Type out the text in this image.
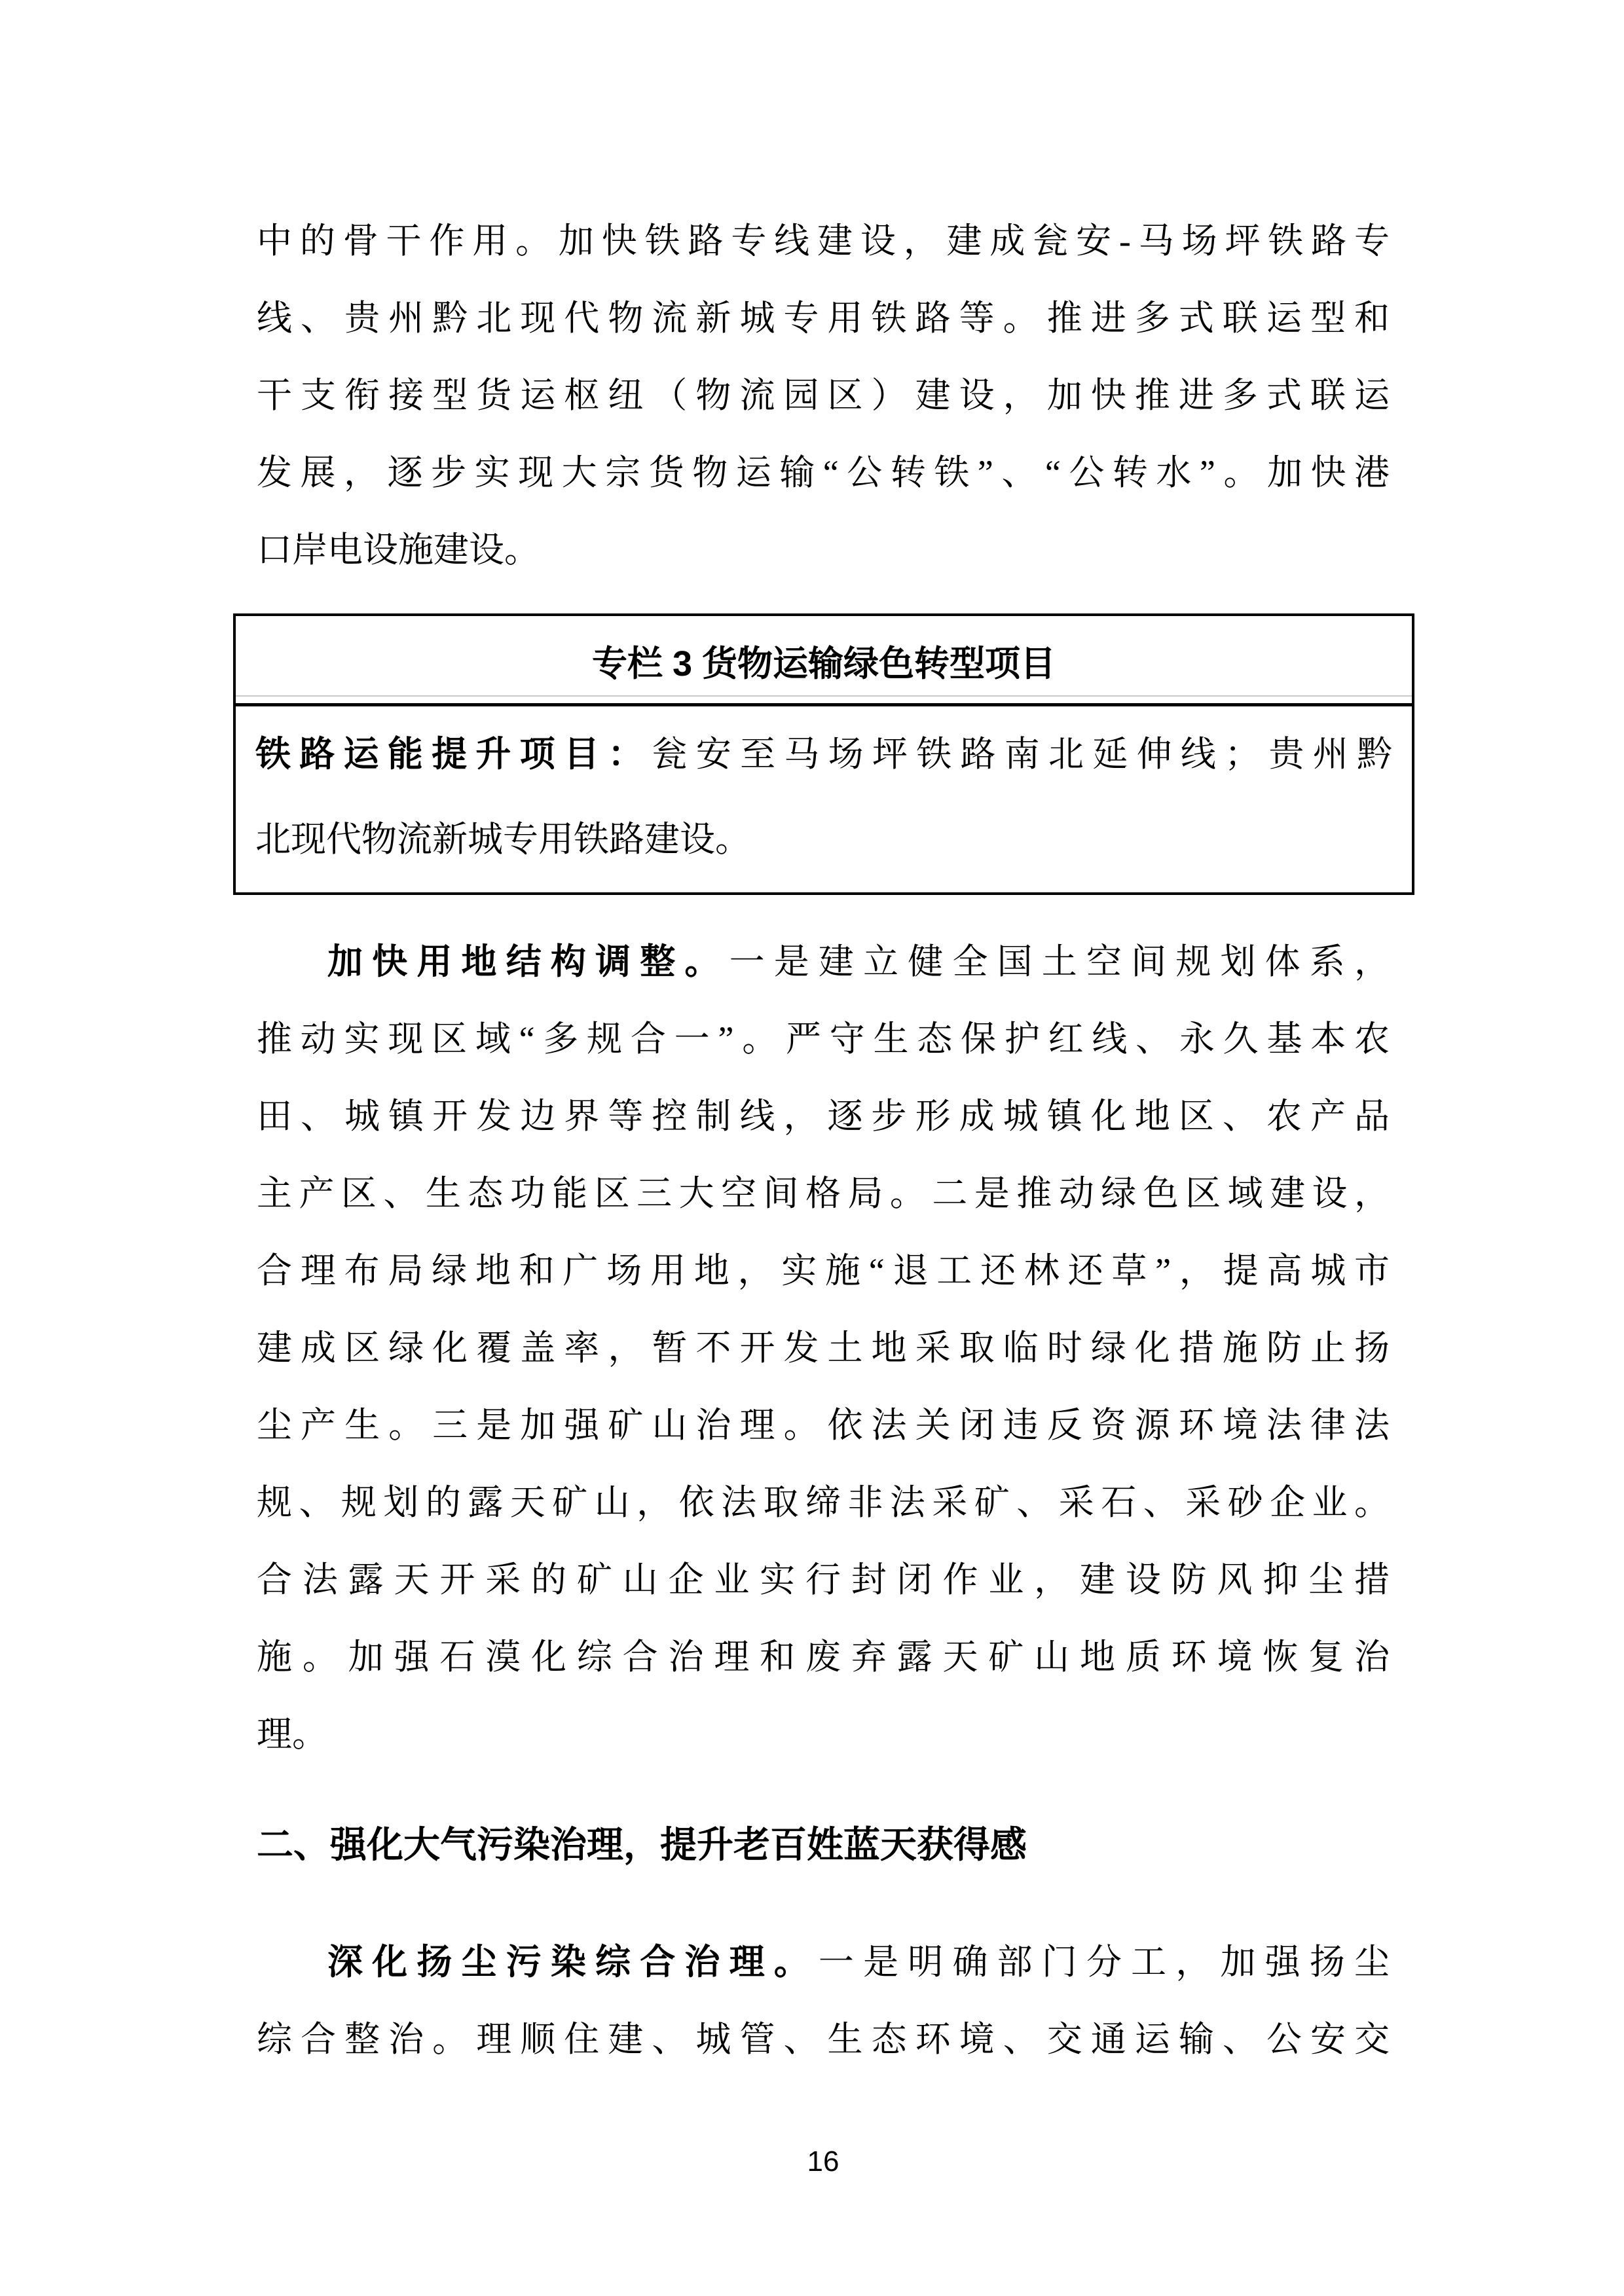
中的骨干作用。加快铁路专线建设，建成瓮安-马场坪铁路专
线、贵州黔北现代物流新城专用铁路等。推进多式联运型和
干支衔接型货运枢纽（物流园区）建设，加快推进多式联运
发展，逐步实现大宗货物运输“公转铁”、“公转水”。加快港
口岸电设施建设。
专栏 3 货物运输绿色转型项目
铁路运能提升项目：瓮安至马场坪铁路南北延伸线；贵州黔
北现代物流新城专用铁路建设。
加快用地结构调整。一是建立健全国土空间规划体系，
推动实现区域“多规合一”。严守生态保护红线、永久基本农
田、城镇开发边界等控制线，逐步形成城镇化地区、农产品
主产区、生态功能区三大空间格局。二是推动绿色区域建设，
合理布局绿地和广场用地，实施“退工还林还草”，提高城市
建成区绿化覆盖率，暂不开发土地采取临时绿化措施防止扬
尘产生。三是加强矿山治理。依法关闭违反资源环境法律法
规、规划的露天矿山，依法取缔非法采矿、采石、采砂企业。
合法露天开采的矿山企业实行封闭作业，建设防风抑尘措
施。加强石漠化综合治理和废弃露天矿山地质环境恢复治
理。
二、强化大气污染治理，提升老百姓蓝天获得感
深化扬尘污染综合治理。一是明确部门分工，加强扬尘
综合整治。理顺住建、城管、生态环境、交通运输、公安交
16
